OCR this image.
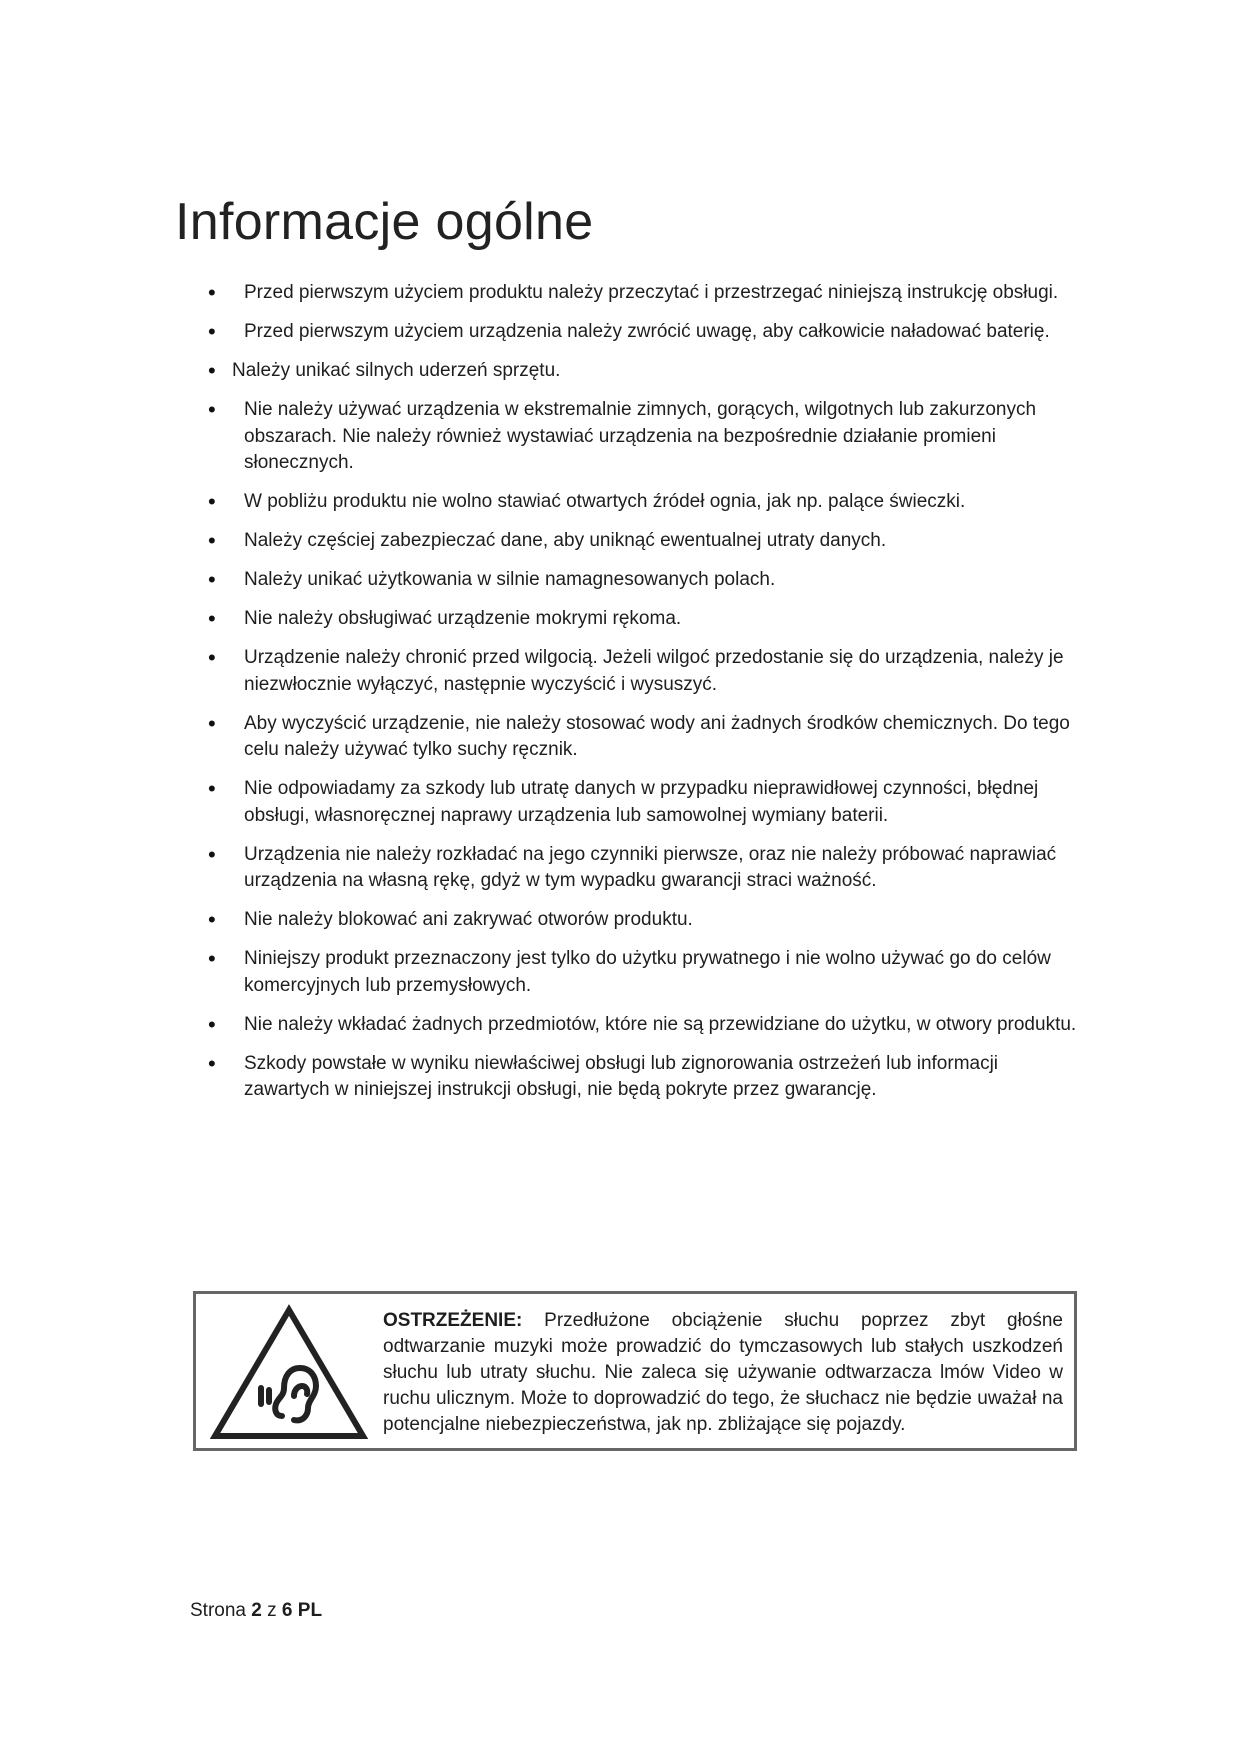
Informacje ogólne
• Przed pierwszym użyciem produktu należy przeczytać i przestrzegać niniejszą instrukcję obsługi.
• Przed pierwszym użyciem urządzenia należy zwrócić uwagę, aby całkowicie naładować baterię.
• Należy unikać silnych uderzeń sprzętu.
• Nie należy używać urządzenia w ekstremalnie zimnych, gorących, wilgotnych lub zakurzonych obszarach. Nie należy również wystawiać urządzenia na bezpośrednie działanie promieni słonecznych.
• W pobliżu produktu nie wolno stawiać otwartych źródeł ognia, jak np. palące świeczki.
• Należy częściej zabezpieczać dane, aby uniknąć ewentualnej utraty danych.
• Należy unikać użytkowania w silnie namagnesowanych polach.
• Nie należy obsługiwać urządzenie mokrymi rękoma.
• Urządzenie należy chronić przed wilgocią. Jeżeli wilgoć przedostanie się do urządzenia, należy je niezwłocznie wyłączyć, następnie wyczyścić i wysuszyć.
• Aby wyczyścić urządzenie, nie należy stosować wody ani żadnych środków chemicznych. Do tego celu należy używać tylko suchy ręcznik.
• Nie odpowiadamy za szkody lub utratę danych w przypadku nieprawidłowej czynności, błędnej obsługi, własnoręcznej naprawy urządzenia lub samowolnej wymiany baterii.
• Urządzenia nie należy rozkładać na jego czynniki pierwsze, oraz nie należy próbować naprawiać urządzenia na własną rękę, gdyż w tym wypadku gwarancji straci ważność.
• Nie należy blokować ani zakrywać otworów produktu.
• Niniejszy produkt przeznaczony jest tylko do użytku prywatnego i nie wolno używać go do celów komercyjnych lub przemysłowych.
• Nie należy wkładać żadnych przedmiotów, które nie są przewidziane do użytku, w otwory produktu.
• Szkody powstałe w wyniku niewłaściwej obsługi lub zignorowania ostrzeżeń lub informacji zawartych w niniejszej instrukcji obsługi, nie będą pokryte przez gwarancję.

OSTRZEŻENIE: Przedłużone obciążenie słuchu poprzez zbyt głośne odtwarzanie muzyki może prowadzić do tymczasowych lub stałych uszkodzeń słuchu lub utraty słuchu. Nie zaleca się używanie odtwarzacza lmów Video w ruchu ulicznym. Może to doprowadzić do tego, że słuchacz nie będzie uważał na potencjalne niebezpieczeństwa, jak np. zbliżające się pojazdy.

Strona 2 z 6 PL
